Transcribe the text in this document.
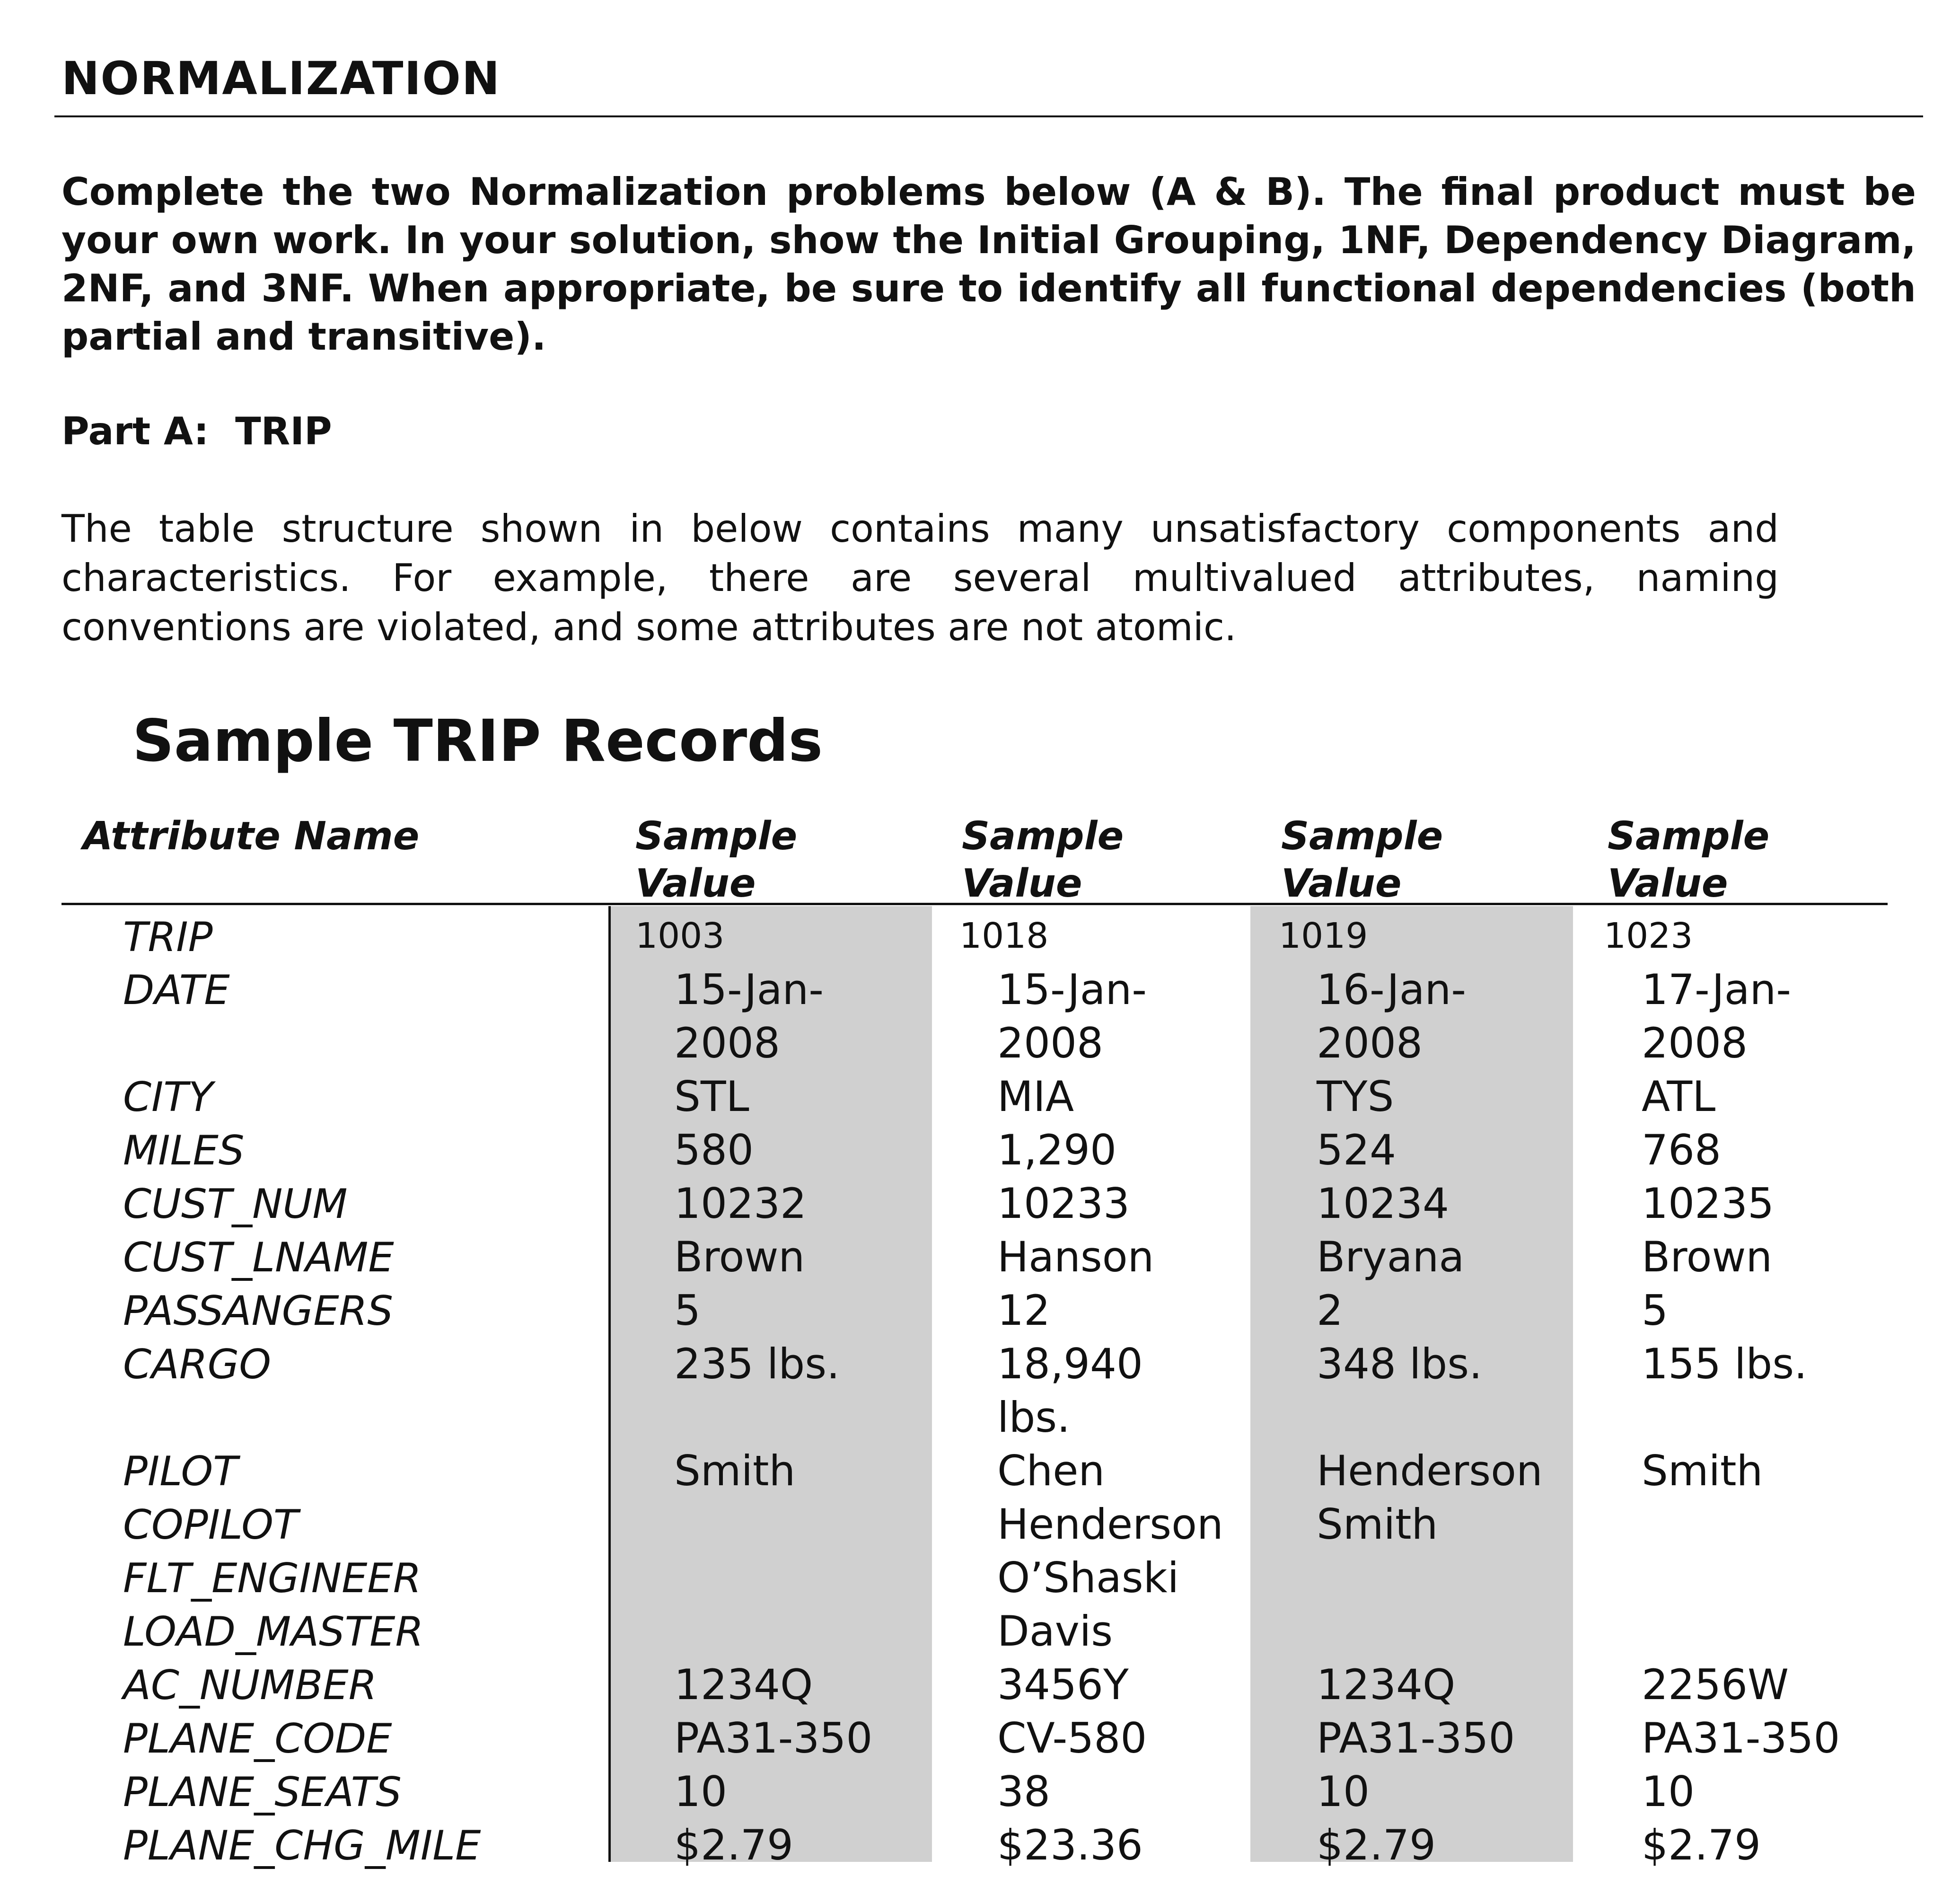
NORMALIZATION
Complete the two Normalization problems below (A & B). The final product must be your own work. In your solution, show the Initial Grouping, 1NF, Dependency Diagram, 2NF, and 3NF. When appropriate, be sure to identify all functional dependencies (both partial and transitive).
Part A:  TRIP
The table structure shown in below contains many unsatisfactory components and characteristics. For example, there are several multivalued attributes, naming conventions are violated, and some attributes are not atomic.
Sample TRIP Records
Attribute Name	Sample
Value
Sample
Value
Sample
Value
Sample
Value
TRIP
DATE
CITY
MILES
CUST_NUM
CUST_LNAME
PASSANGERS
CARGO
PILOT
COPILOT
FLT_ENGINEER
LOAD_MASTER
AC_NUMBER
PLANE_CODE
PLANE_SEATS
PLANE_CHG_MILE
1003
15-Jan-
2008
STL
580
10232
Brown
5
235 lbs.
Smith
1234Q
PA31-350
10
$2.79
1018
15-Jan-
2008
MIA
1,290
10233
Hanson
12
18,940
lbs.
Chen
Henderson
O’Shaski
Davis
3456Y
CV-580
38
$23.36
1019
16-Jan-
2008
TYS
524
10234
Bryana
2
348 lbs.
Henderson
Smith
1234Q
PA31-350
10
$2.79
1023
17-Jan-
2008
ATL
768
10235
Brown
5
155 lbs.
Smith
2256W
PA31-350
10
$2.79
